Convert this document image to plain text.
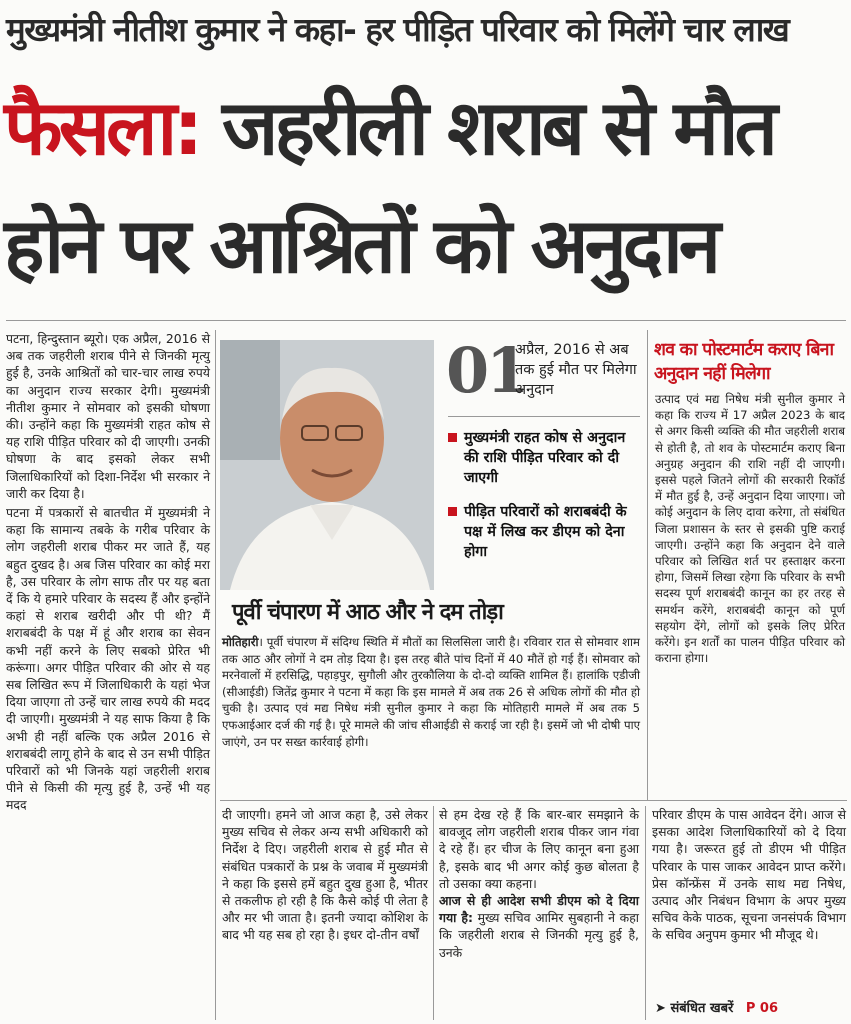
मुख्यमंत्री नीतीश कुमार ने कहा- हर पीड़ित परिवार को मिलेंगे चार लाख
फैसला: जहरीली शराब से मौत
होने पर आश्रितों को अनुदान

पटना, हिन्दुस्तान ब्यूरो। एक अप्रैल, 2016 से अब तक जहरीली शराब पीने से जिनकी मृत्यु हुई है, उनके आश्रितों को चार-चार लाख रुपये का अनुदान राज्य सरकार देगी। मुख्यमंत्री नीतीश कुमार ने सोमवार को इसकी घोषणा की। उन्होंने कहा कि मुख्यमंत्री राहत कोष से यह राशि पीड़ित परिवार को दी जाएगी। उनकी घोषणा के बाद इसको लेकर सभी जिलाधिकारियों को दिशा-निर्देश भी सरकार ने जारी कर दिया है।

पटना में पत्रकारों से बातचीत में मुख्यमंत्री ने कहा कि सामान्य तबके के गरीब परिवार के लोग जहरीली शराब पीकर मर जाते हैं, यह बहुत दुखद है। अब जिस परिवार का कोई मरा है, उस परिवार के लोग साफ तौर पर यह बता दें कि ये हमारे परिवार के सदस्य हैं और इन्होंने कहां से शराब खरीदी और पी थी? मैं शराबबंदी के पक्ष में हूं और शराब का सेवन कभी नहीं करने के लिए सबको प्रेरित भी करूंगा। अगर पीड़ित परिवार की ओर से यह सब लिखित रूप में जिलाधिकारी के यहां भेज दिया जाएगा तो उन्हें चार लाख रुपये की मदद दी जाएगी। मुख्यमंत्री ने यह साफ किया है कि अभी ही नहीं बल्कि एक अप्रैल 2016 से शराबबंदी लागू होने के बाद से उन सभी पीड़ित परिवारों को भी जिनके यहां जहरीली शराब पीने से किसी की मृत्यु हुई है, उन्हें भी यह मदद

01
अप्रैल, 2016 से अब तक हुई मौत पर मिलेगा अनुदान
मुख्यमंत्री राहत कोष से अनुदान की राशि पीड़ित परिवार को दी जाएगी
पीड़ित परिवारों को शराबबंदी के पक्ष में लिख कर डीएम को देना होगा
शव का पोस्टमार्टम कराए बिना अनुदान नहीं मिलेगा
उत्पाद एवं मद्य निषेध मंत्री सुनील कुमार ने कहा कि राज्य में 17 अप्रैल 2023 के बाद से अगर किसी व्यक्ति की मौत जहरीली शराब से होती है, तो शव के पोस्टमार्टम कराए बिना अनुग्रह अनुदान की राशि नहीं दी जाएगी। इससे पहले जितने लोगों की सरकारी रिकॉर्ड में मौत हुई है, उन्हें अनुदान दिया जाएगा। जो कोई अनुदान के लिए दावा करेगा, तो संबंधित जिला प्रशासन के स्तर से इसकी पुष्टि कराई जाएगी। उन्होंने कहा कि अनुदान देने वाले परिवार को लिखित शर्त पर हस्ताक्षर करना होगा, जिसमें लिखा रहेगा कि परिवार के सभी सदस्य पूर्ण शराबबंदी कानून का हर तरह से समर्थन करेंगे, शराबबंदी कानून को पूर्ण सहयोग देंगे, लोगों को इसके लिए प्रेरित करेंगे। इन शर्तों का पालन पीड़ित परिवार को कराना होगा।
पूर्वी चंपारण में आठ और ने दम तोड़ा
मोतिहारी। पूर्वी चंपारण में संदिग्ध स्थिति में मौतों का सिलसिला जारी है। रविवार रात से सोमवार शाम तक आठ और लोगों ने दम तोड़ दिया है। इस तरह बीते पांच दिनों में 40 मौतें हो गई हैं। सोमवार को मरनेवालों में हरसिद्धि, पहाड़पुर, सुगौली और तुरकौलिया के दो-दो व्यक्ति शामिल हैं। हालांकि एडीजी (सीआईडी) जितेंद्र कुमार ने पटना में कहा कि इस मामले में अब तक 26 से अधिक लोगों की मौत हो चुकी है। उत्पाद एवं मद्य निषेध मंत्री सुनील कुमार ने कहा कि मोतिहारी मामले में अब तक 5 एफआईआर दर्ज की गई है। पूरे मामले की जांच सीआईडी से कराई जा रही है। इसमें जो भी दोषी पाए जाएंगे, उन पर सख्त कार्रवाई होगी।
दी जाएगी। हमने जो आज कहा है, उसे लेकर मुख्य सचिव से लेकर अन्य सभी अधिकारी को निर्देश दे दिए। जहरीली शराब से हुई मौत से संबंधित पत्रकारों के प्रश्न के जवाब में मुख्यमंत्री ने कहा कि इससे हमें बहुत दुख हुआ है, भीतर से तकलीफ हो रही है कि कैसे कोई पी लेता है और मर भी जाता है। इतनी ज्यादा कोशिश के बाद भी यह सब हो रहा है। इधर दो-तीन वर्षों
से हम देख रहे हैं कि बार-बार समझाने के बावजूद लोग जहरीली शराब पीकर जान गंवा दे रहे हैं। हर चीज के लिए कानून बना हुआ है, इसके बाद भी अगर कोई कुछ बोलता है तो उसका क्या कहना।
आज से ही आदेश सभी डीएम को दे दिया गया है: मुख्य सचिव आमिर सुबहानी ने कहा कि जहरीली शराब से जिनकी मृत्यु हुई है, उनके
परिवार डीएम के पास आवेदन देंगे। आज से इसका आदेश जिलाधिकारियों को दे दिया गया है। जरूरत हुई तो डीएम भी पीड़ित परिवार के पास जाकर आवेदन प्राप्त करेंगे। प्रेस कॉन्फ्रेंस में उनके साथ मद्य निषेध, उत्पाद और निबंधन विभाग के अपर मुख्य सचिव केके पाठक, सूचना जनसंपर्क विभाग के सचिव अनुपम कुमार भी मौजूद थे।
➤ संबंधित खबरें P 06
